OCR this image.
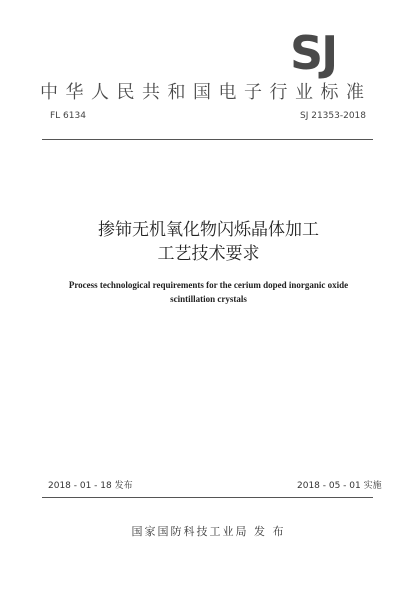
SJ
中华人民共和国电子行业标准
FL 6134	SJ 21353-2018
掺铈无机氧化物闪烁晶体加工
工艺技术要求
Process technological requirements for the cerium doped inorganic oxide
scintillation crystals
2018 - 01 - 18 发布	2018 - 05 - 01 实施
国家国防科技工业局 发 布
